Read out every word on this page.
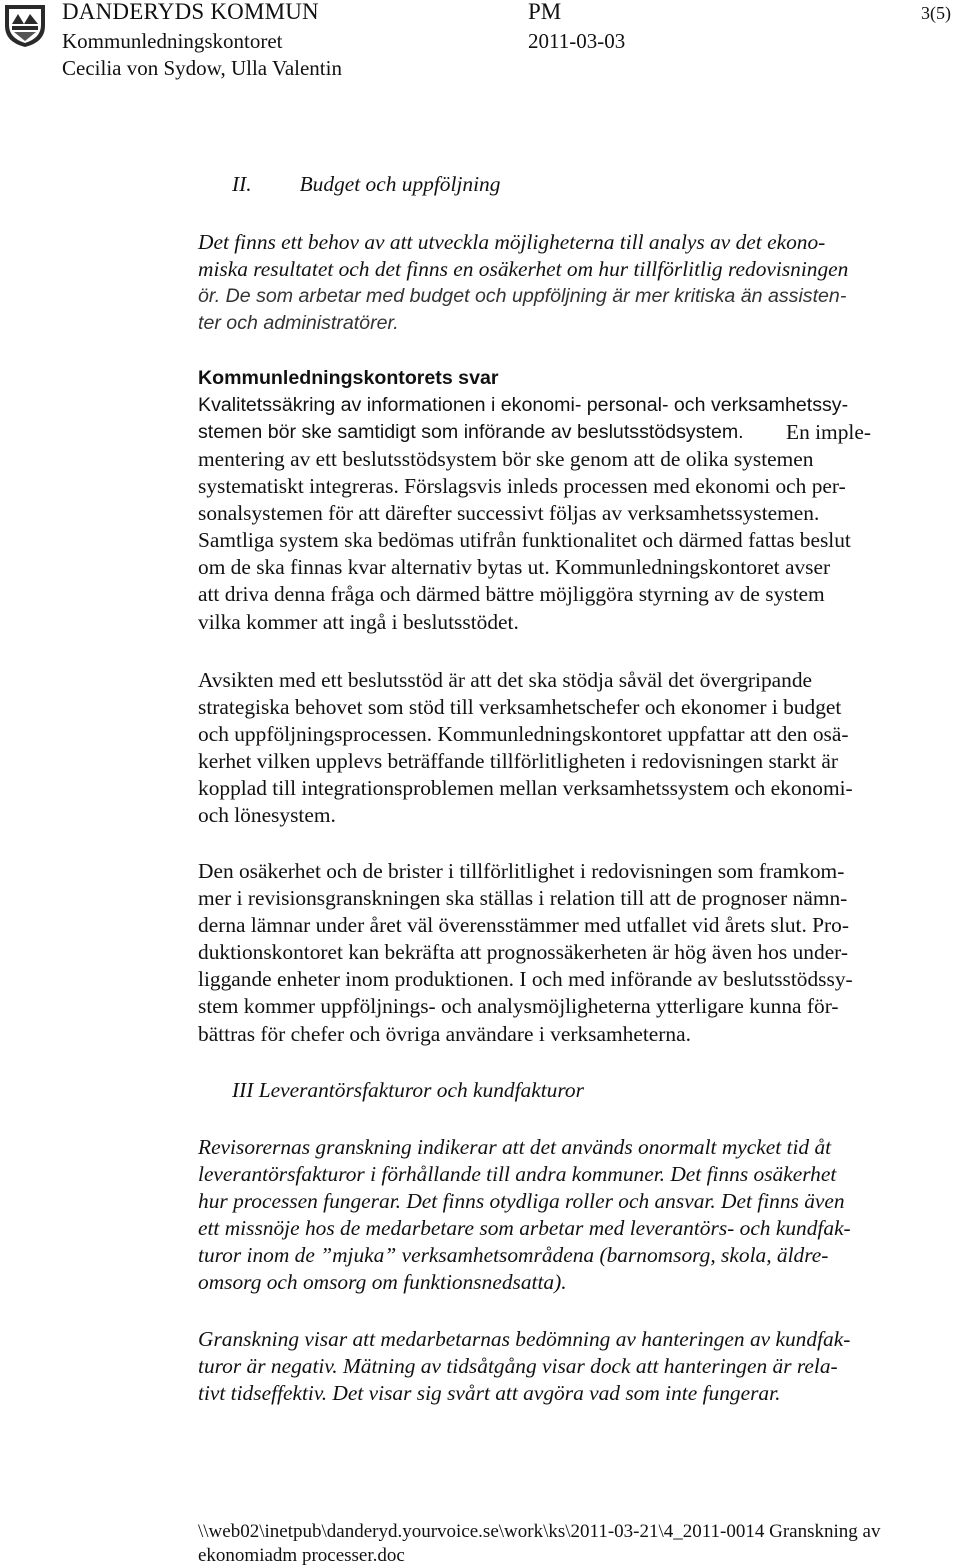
DANDERYDS KOMMUN	PM	3(5)
Kommunledningskontoret	2011-03-03
Cecilia von Sydow, Ulla Valentin
II. Budget och uppföljning

Det finns ett behov av att utveckla möjligheterna till analys av det ekono-

miska resultatet och det finns en osäkerhet om hur tillförlitlig redovisningen

ör. De som arbetar med budget och uppföljning är mer kritiska än assisten-

ter och administratörer.

Kommunledningskontorets svar

Kvalitetssäkring av informationen i ekonomi- personal- och verksamhetssy-

stemen bör ske samtidigt som införande av beslutsstödsystem.	En imple-

mentering av ett beslutsstödsystem bör ske genom att de olika systemen

systematiskt integreras. Förslagsvis inleds processen med ekonomi och per-

sonalsystemen för att därefter successivt följas av verksamhetssystemen.

Samtliga system ska bedömas utifrån funktionalitet och därmed fattas beslut

om de ska finnas kvar alternativ bytas ut. Kommunledningskontoret avser

att driva denna fråga och därmed bättre möjliggöra styrning av de system

vilka kommer att ingå i beslutsstödet.

Avsikten med ett beslutsstöd är att det ska stödja såväl det övergripande

strategiska behovet som stöd till verksamhetschefer och ekonomer i budget

och uppföljningsprocessen. Kommunledningskontoret uppfattar att den osä-

kerhet vilken upplevs beträffande tillförlitligheten i redovisningen starkt är

kopplad till integrationsproblemen mellan verksamhetssystem och ekonomi-

och lönesystem.

Den osäkerhet och de brister i tillförlitlighet i redovisningen som framkom-

mer i revisionsgranskningen ska ställas i relation till att de prognoser nämn-

derna lämnar under året väl överensstämmer med utfallet vid årets slut. Pro-

duktionskontoret kan bekräfta att prognossäkerheten är hög även hos under-

liggande enheter inom produktionen. I och med införande av beslutsstödssy-

stem kommer uppföljnings- och analysmöjligheterna ytterligare kunna för-

bättras för chefer och övriga användare i verksamheterna.

III Leverantörsfakturor och kundfakturor

Revisorernas granskning indikerar att det används onormalt mycket tid åt

leverantörsfakturor i förhållande till andra kommuner. Det finns osäkerhet

hur processen fungerar. Det finns otydliga roller och ansvar. Det finns även

ett missnöje hos de medarbetare som arbetar med leverantörs- och kundfak-

turor inom de ”mjuka” verksamhetsområdena (barnomsorg, skola, äldre-

omsorg och omsorg om funktionsnedsatta).

Granskning visar att medarbetarnas bedömning av hanteringen av kundfak-

turor är negativ. Mätning av tidsåtgång visar dock att hanteringen är rela-

tivt tidseffektiv. Det visar sig svårt att avgöra vad som inte fungerar.

\\web02\inetpub\danderyd.yourvoice.se\work\ks\2011-03-21\4_2011-0014 Granskning av
ekonomiadm processer.doc
